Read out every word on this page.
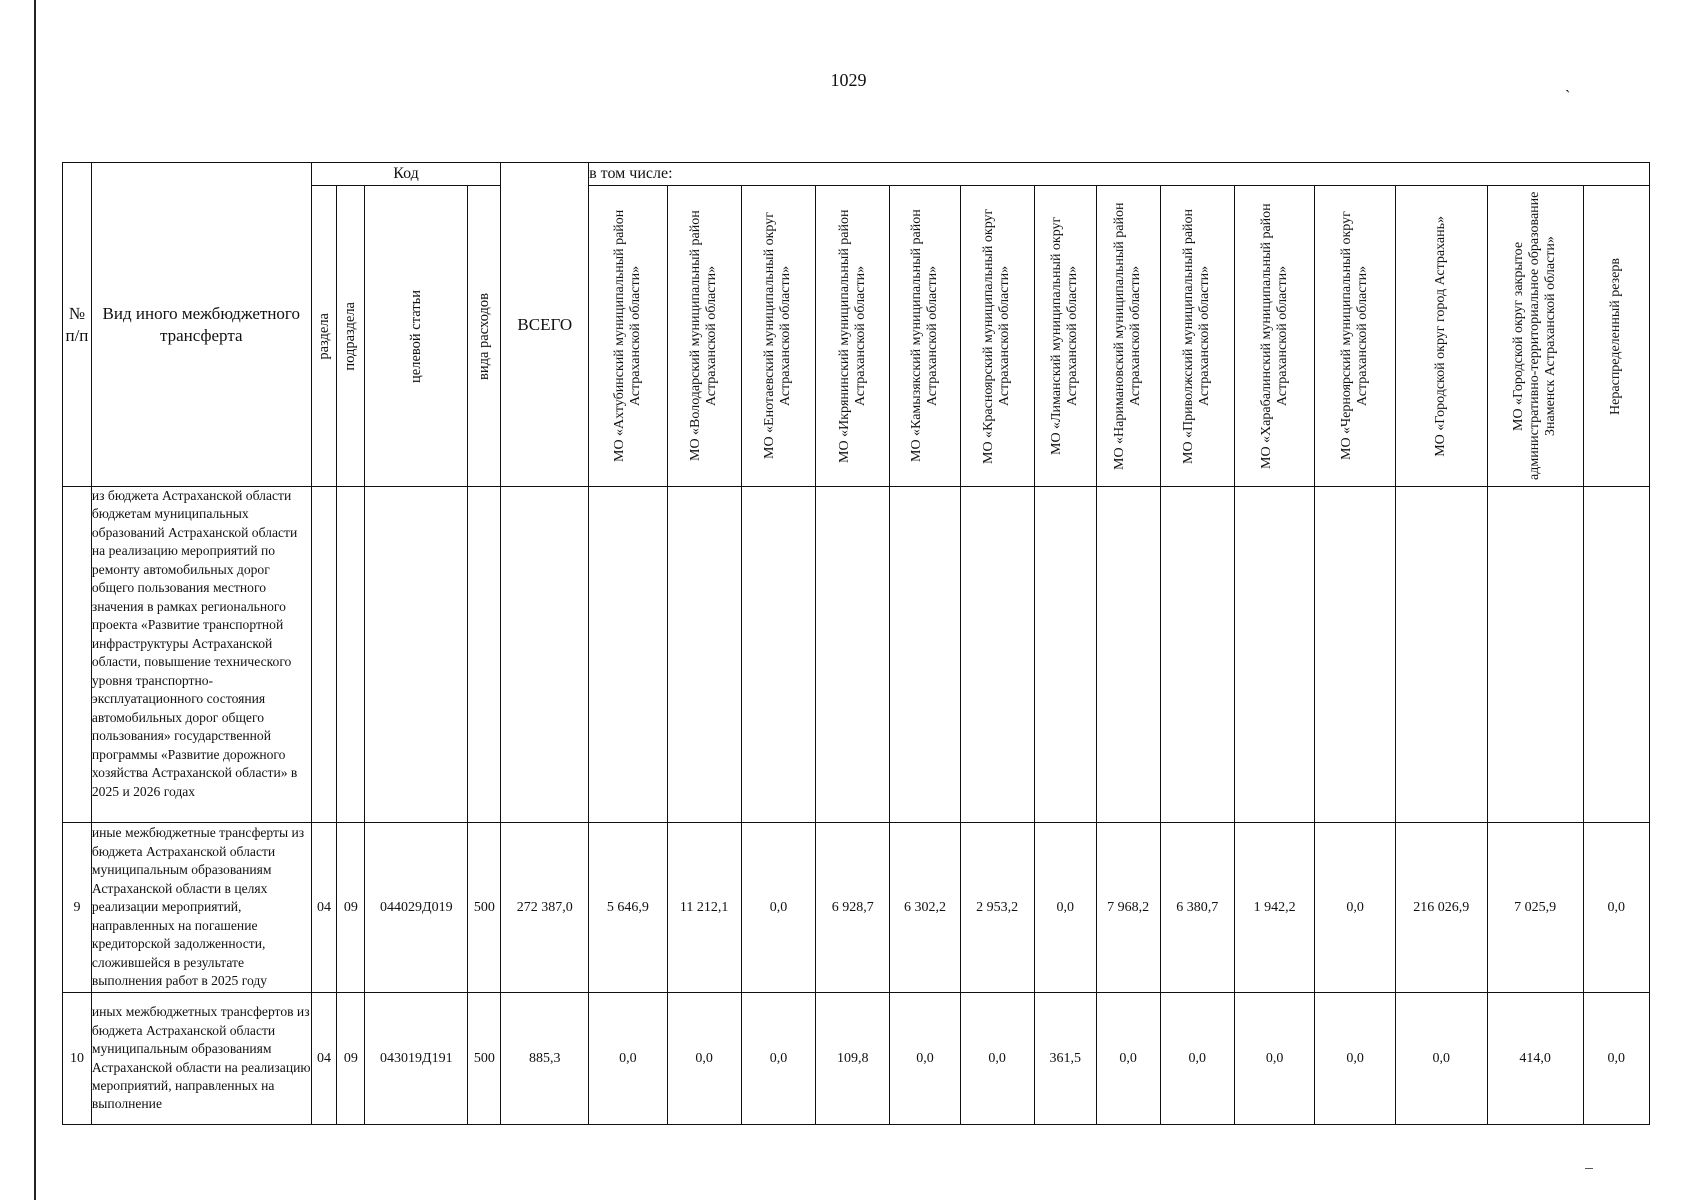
1029	ˏ
№ п/п	Вид иного межбюджетного трансферта	Код				ВСЕГО	в том числе:													

		раздела	подраздела	целевой статьи	вида расходов		МО «Ахтубинский муниципальный район Астраханской области»	МО «Володарский муниципальный район Астраханской области»	МО «Енотаевский муниципальный округ Астраханской области»	МО «Икрянинский муниципальный район Астраханской области»	МО «Камызякский муниципальный район Астраханской области»	МО «Красноярский муниципальный округ Астраханской области»	МО «Лиманский муниципальный округ Астраханской области»	МО «Наримановский муниципальный район Астраханской области»	МО «Приволжский муниципальный район Астраханской области»	МО «Харабалинский муниципальный район Астраханской области»	МО «Черноярский муниципальный округ Астраханской области»	МО «Городской округ город Астрахань»	МО «Городской округ закрытое административно-территориальное образование Знаменск Астраханской области»	Нераспределенный резерв

	из бюджета Астраханской области бюджетам муниципальных образований Астраханской области на реализацию мероприятий по ремонту автомобильных дорог общего пользования местного значения в рамках регионального проекта «Развитие транспортной инфраструктуры Астраханской области, повышение технического уровня транспортно-эксплуатационного состояния автомобильных дорог общего пользования» государственной программы «Развитие дорожного хозяйства Астраханской области» в 2025 и 2026 годах																			
9	иные межбюджетные трансферты из бюджета Астраханской области муниципальным образованиям Астраханской области в целях реализации мероприятий, направленных на погашение кредиторской задолженности, сложившейся в результате выполнения работ в 2025 году	04	09	044029Д019	500	272 387,0	5 646,9	11 212,1	0,0	6 928,7	6 302,2	2 953,2	0,0	7 968,2	6 380,7	1 942,2	0,0	216 026,9	7 025,9	0,0
10	иных межбюджетных трансфертов из бюджета Астраханской области муниципальным образованиям Астраханской области на реализацию мероприятий, направленных на выполнение	04	09	043019Д191	500	885,3	0,0	0,0	0,0	109,8	0,0	0,0	361,5	0,0	0,0	0,0	0,0	0,0	414,0	0,0
